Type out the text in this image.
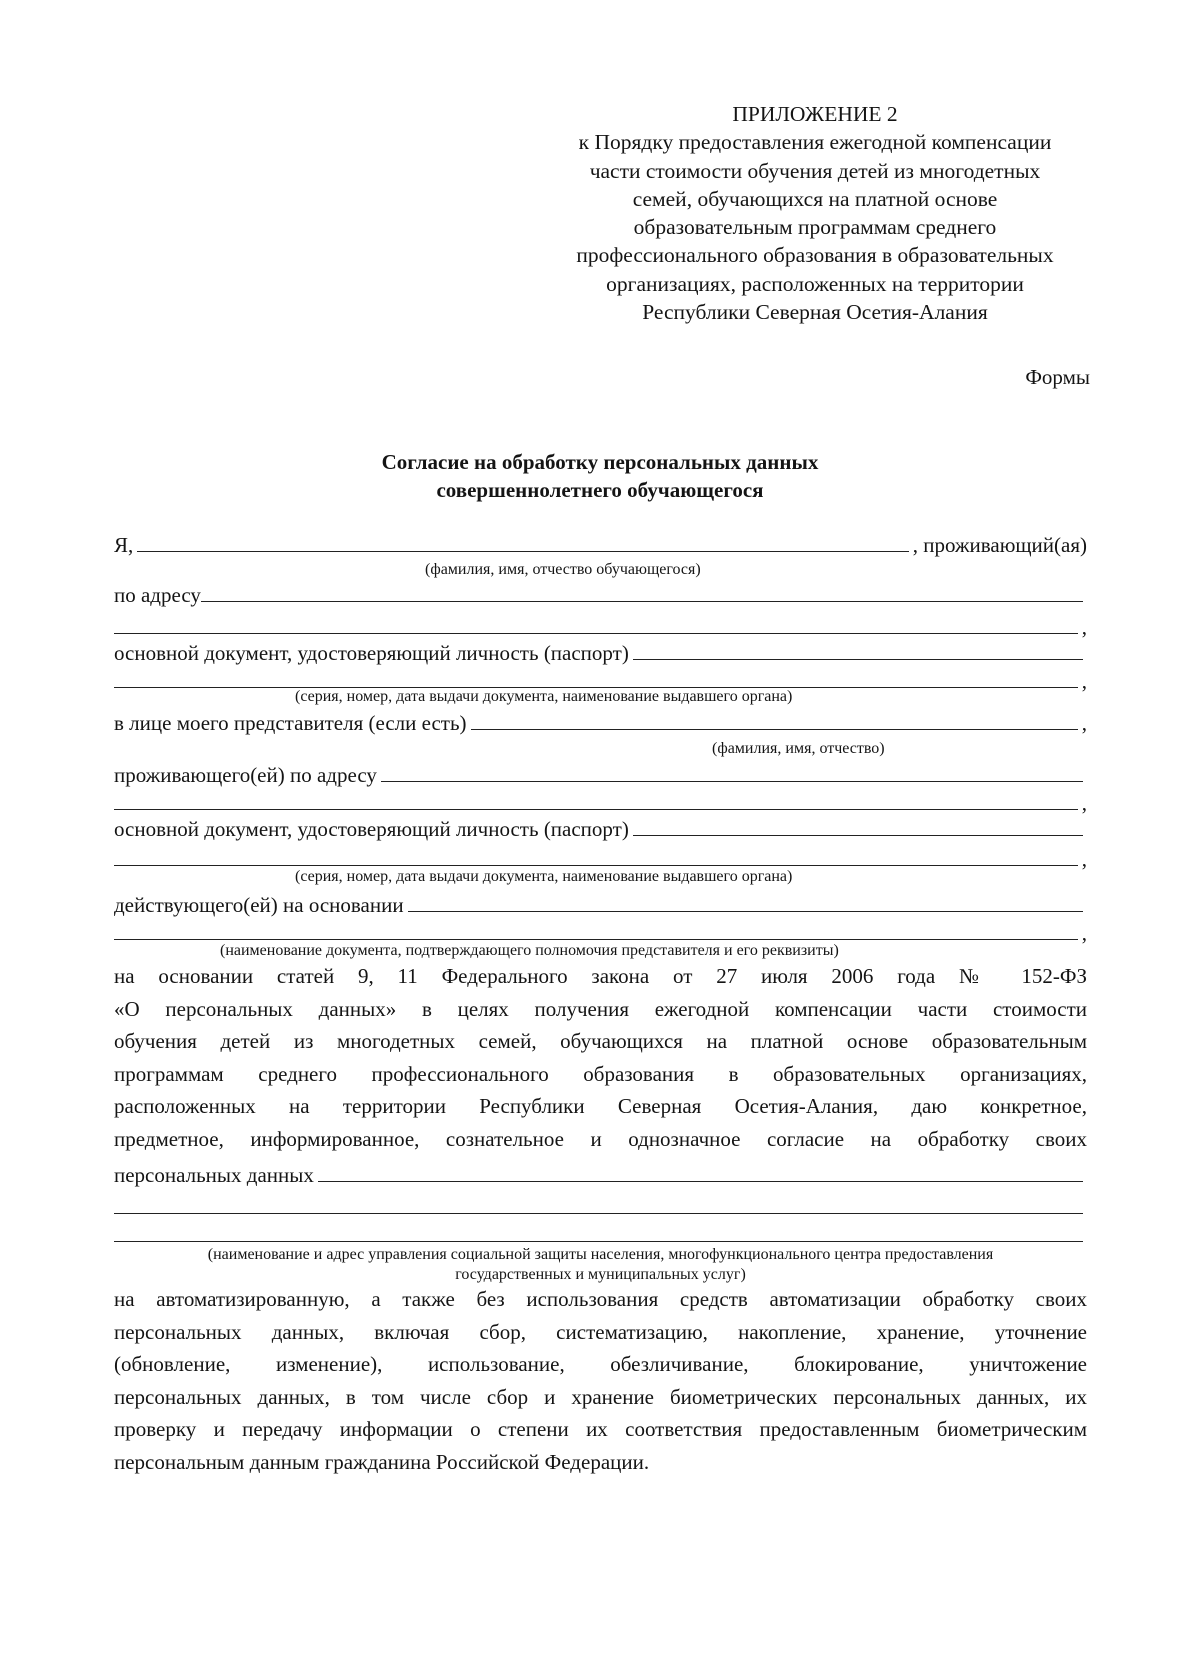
ПРИЛОЖЕНИЕ 2
к Порядку предоставления ежегодной компенсации
части стоимости обучения детей из многодетных
семей, обучающихся на платной основе
образовательным программам среднего
профессионального образования в образовательных
организациях, расположенных на территории
Республики Северная Осетия-Алания
Формы
Согласие на обработку персональных данных
совершеннолетнего обучающегося
Я,	, проживающий(ая)
(фамилия, имя, отчество обучающегося)
по адресу
,
основной документ, удостоверяющий личность (паспорт)
,
(серия, номер, дата выдачи документа, наименование выдавшего органа)
в лице моего представителя (если есть)	,
(фамилия, имя, отчество)
проживающего(ей) по адресу
,
основной документ, удостоверяющий личность (паспорт)
,
(серия, номер, дата выдачи документа, наименование выдавшего органа)
действующего(ей) на основании
,
(наименование документа, подтверждающего полномочия представителя и его реквизиты)
на основании статей 9, 11 Федерального закона от 27 июля 2006 года № 152-ФЗ
«О персональных данных» в целях получения ежегодной компенсации части стоимости
обучения детей из многодетных семей, обучающихся на платной основе образовательным
программам среднего профессионального образования в образовательных организациях,
расположенных на территории Республики Северная Осетия-Алания, даю конкретное,
предметное, информированное, сознательное и однозначное согласие на обработку своих
персональных данных
(наименование и адрес управления социальной защиты населения, многофункционального центра предоставления
государственных и муниципальных услуг)
на автоматизированную, а также без использования средств автоматизации обработку своих
персональных данных, включая сбор, систематизацию, накопление, хранение, уточнение
(обновление, изменение), использование, обезличивание, блокирование, уничтожение
персональных данных, в том числе сбор и хранение биометрических персональных данных, их
проверку и передачу информации о степени их соответствия предоставленным биометрическим
персональным данным гражданина Российской Федерации.
